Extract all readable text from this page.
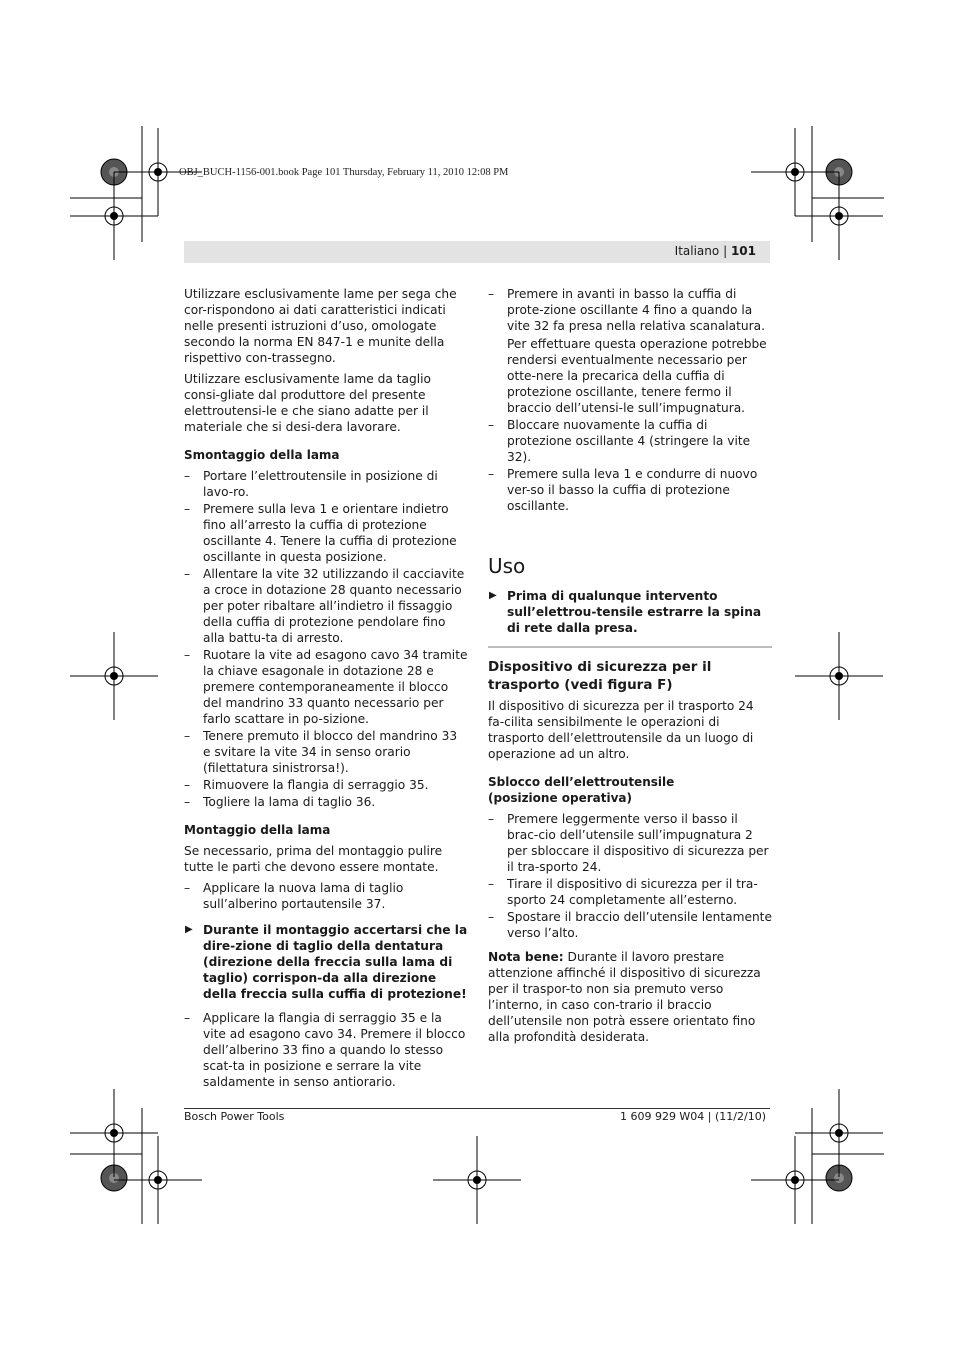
OBJ_BUCH-1156-001.book Page 101 Thursday, February 11, 2010 12:08 PM
Italiano | 101

Utilizzare esclusivamente lame per sega che cor-rispondono ai dati caratteristici indicati nelle presenti istruzioni d’uso, omologate secondo la norma EN 847-1 e munite della rispettivo con-trassegno.

Utilizzare esclusivamente lame da taglio consi-gliate dal produttore del presente elettroutensi-le e che siano adatte per il materiale che si desi-dera lavorare.

Smontaggio della lama
– Portare l’elettroutensile in posizione di lavo-ro.
– Premere sulla leva 1 e orientare indietro fino all’arresto la cuffia di protezione oscillante 4. Tenere la cuffia di protezione oscillante in questa posizione.
– Allentare la vite 32 utilizzando il cacciavite a croce in dotazione 28 quanto necessario per poter ribaltare all’indietro il fissaggio della cuffia di protezione pendolare fino alla battu-ta di arresto.
– Ruotare la vite ad esagono cavo 34 tramite la chiave esagonale in dotazione 28 e premere contemporaneamente il blocco del mandrino 33 quanto necessario per farlo scattare in po-sizione.
– Tenere premuto il blocco del mandrino 33 e svitare la vite 34 in senso orario (filettatura sinistrorsa!).
– Rimuovere la flangia di serraggio 35.
– Togliere la lama di taglio 36.
Montaggio della lama

Se necessario, prima del montaggio pulire tutte le parti che devono essere montate.

– Applicare la nuova lama di taglio sull’alberino portautensile 37.
▶ Durante il montaggio accertarsi che la dire-zione di taglio della dentatura (direzione della freccia sulla lama di taglio) corrispon-da alla direzione della freccia sulla cuffia di protezione!
– Applicare la flangia di serraggio 35 e la vite ad esagono cavo 34. Premere il blocco dell’alberino 33 fino a quando lo stesso scat-ta in posizione e serrare la vite saldamente in senso antiorario.
– Premere in avanti in basso la cuffia di prote-zione oscillante 4 fino a quando la vite 32 fa presa nella relativa scanalatura.
Per effettuare questa operazione potrebbe rendersi eventualmente necessario per otte-nere la precarica della cuffia di protezione oscillante, tenere fermo il braccio dell’utensi-le sull’impugnatura.
– Bloccare nuovamente la cuffia di protezione oscillante 4 (stringere la vite 32).
– Premere sulla leva 1 e condurre di nuovo ver-so il basso la cuffia di protezione oscillante.
Uso
▶ Prima di qualunque intervento sull’elettrou-tensile estrarre la spina di rete dalla presa.
Dispositivo di sicurezza per il trasporto (vedi figura F)

Il dispositivo di sicurezza per il trasporto 24 fa-cilita sensibilmente le operazioni di trasporto dell’elettroutensile da un luogo di operazione ad un altro.

Sblocco dell’elettroutensile
(posizione operativa)
– Premere leggermente verso il basso il brac-cio dell’utensile sull’impugnatura 2 per sbloccare il dispositivo di sicurezza per il tra-sporto 24.
– Tirare il dispositivo di sicurezza per il tra-sporto 24 completamente all’esterno.
– Spostare il braccio dell’utensile lentamente verso l’alto.

Nota bene: Durante il lavoro prestare attenzione affinché il dispositivo di sicurezza per il traspor-to non sia premuto verso l’interno, in caso con-trario il braccio dell’utensile non potrà essere orientato fino alla profondità desiderata.

Bosch Power Tools	1 609 929 W04 | (11/2/10)
